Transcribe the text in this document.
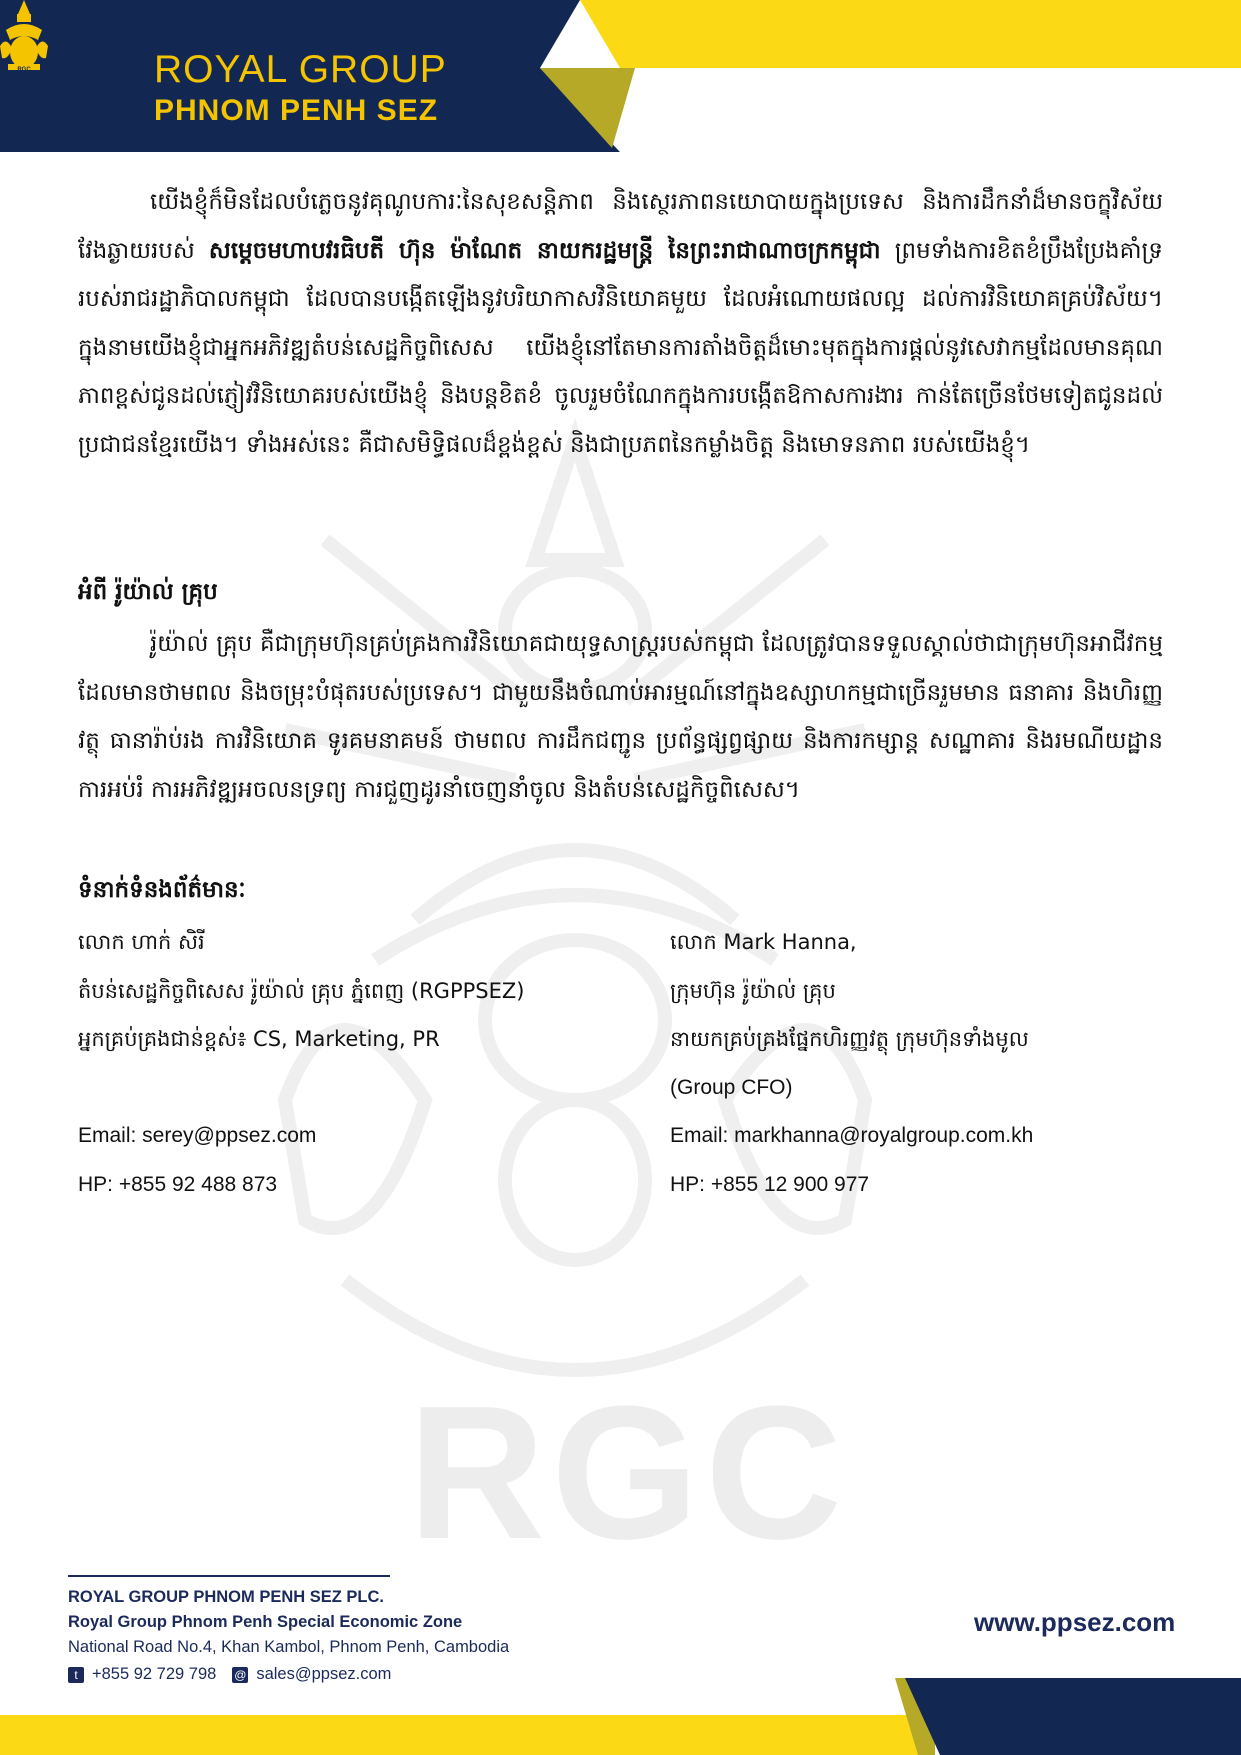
RGC	ROYAL GROUP
PHNOM PENH SEZ
RGC

យើងខ្ញុំក៏មិនដែលបំភ្លេចនូវគុណូបការៈនៃសុខសន្តិភាព និងស្ថេរភាពនយោបាយក្នុងប្រទេស និងការដឹកនាំដ៏មានចក្ខុវិស័យវែងឆ្ងាយរបស់ សម្តេចមហាបវរធិបតី ហ៊ុន ម៉ាណែត នាយករដ្ឋមន្ត្រី នៃព្រះរាជាណាចក្រកម្ពុជា ព្រមទាំងការខិតខំប្រឹងប្រែងគាំទ្ររបស់រាជរដ្ឋាភិបាលកម្ពុជា ដែលបានបង្កើតឡើងនូវបរិយាកាសវិនិយោគមួយ ដែលអំណោយផលល្អ ដល់ការវិនិយោគគ្រប់វិស័យ។ ក្នុងនាមយើងខ្ញុំជាអ្នកអភិវឌ្ឍតំបន់សេដ្ឋកិច្ចពិសេស យើងខ្ញុំនៅតែមានការតាំងចិត្តដ៏មោះមុតក្នុងការផ្តល់នូវសេវាកម្មដែលមានគុណភាពខ្ពស់ជូនដល់ភ្ញៀវវិនិយោគរបស់យើងខ្ញុំ និងបន្តខិតខំ ចូលរួមចំណែកក្នុងការបង្កើតឱកាសការងារ កាន់តែច្រើនថែមទៀតជូនដល់ប្រជាជនខ្មែរយើង។ ទាំងអស់នេះ គឺជាសមិទ្ធិផលដ៏ខ្ពង់ខ្ពស់ និងជាប្រភពនៃកម្លាំងចិត្ត និងមោទនភាព របស់យើងខ្ញុំ។

អំពី រ៉ូយ៉ាល់ គ្រុប

រ៉ូយ៉ាល់ គ្រុប គឺជាក្រុមហ៊ុនគ្រប់គ្រងការវិនិយោគជាយុទ្ធសាស្ត្ររបស់កម្ពុជា ដែលត្រូវបានទទួលស្គាល់ថាជាក្រុមហ៊ុនអាជីវកម្មដែលមានថាមពល និងចម្រុះបំផុតរបស់ប្រទេស។ ជាមួយនឹងចំណាប់អារម្មណ៍នៅក្នុងឧស្សាហកម្មជាច្រើនរួមមាន ធនាគារ និងហិរញ្ញវត្ថុ ធានារ៉ាប់រង ការវិនិយោគ ទូរគមនាគមន៍ ថាមពល ការដឹកជញ្ជូន ប្រព័ន្ធផ្សព្វផ្សាយ និងការកម្សាន្ត សណ្ឋាគារ និងរមណីយដ្ឋាន ការអប់រំ ការអភិវឌ្ឍអចលនទ្រព្យ ការជួញដូរនាំចេញនាំចូល និងតំបន់សេដ្ឋកិច្ចពិសេស។

ទំនាក់ទំនងព័ត៌មានៈ
លោក ហាក់ សិរី
តំបន់សេដ្ឋកិច្ចពិសេស រ៉ូយ៉ាល់ គ្រុប ភ្នំពេញ (RGPPSEZ)
អ្នកគ្រប់គ្រងជាន់ខ្ពស់៖ CS, Marketing, PR
Email: serey@ppsez.com
HP: +855 92 488 873
លោក Mark Hanna,
ក្រុមហ៊ុន រ៉ូយ៉ាល់ គ្រុប
នាយកគ្រប់គ្រងផ្នែកហិរញ្ញវត្ថុ ក្រុមហ៊ុនទាំងមូល
(Group CFO)
Email: markhanna@royalgroup.com.kh
HP: +855 12 900 977
ROYAL GROUP PHNOM PENH SEZ PLC.
Royal Group Phnom Penh Special Economic Zone
National Road No.4, Khan Kambol, Phnom Penh, Cambodia
t +855 92 729 798 @ sales@ppsez.com
www.ppsez.com
